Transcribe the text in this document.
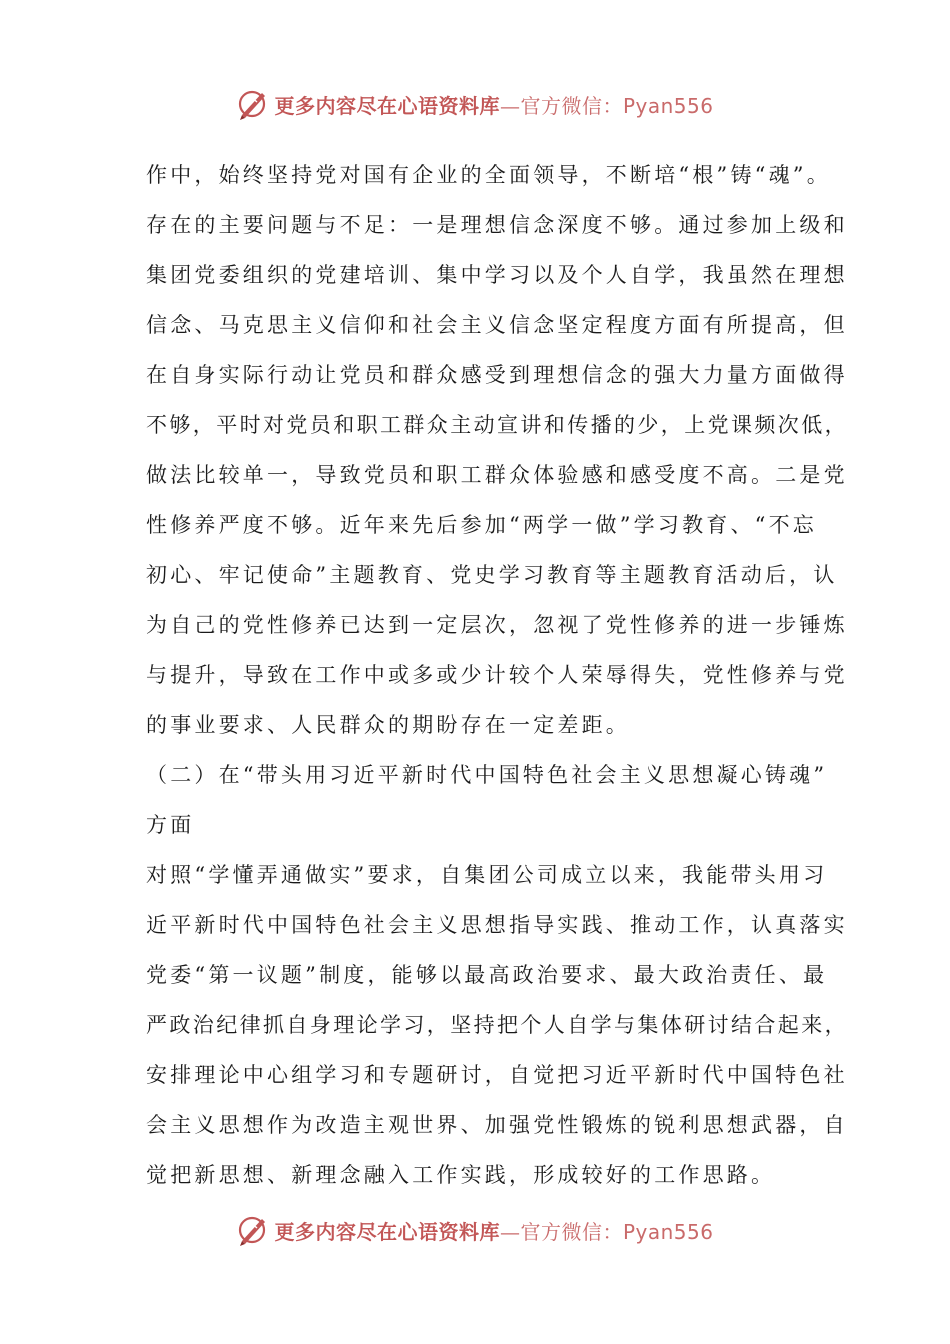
更多内容尽在心语资料库—官方微信：Pyan556
作中，始终坚持党对国有企业的全面领导，不断培“根”铸“魂”。
存在的主要问题与不足：一是理想信念深度不够。通过参加上级和
集团党委组织的党建培训、集中学习以及个人自学，我虽然在理想
信念、马克思主义信仰和社会主义信念坚定程度方面有所提高，但
在自身实际行动让党员和群众感受到理想信念的强大力量方面做得
不够，平时对党员和职工群众主动宣讲和传播的少，上党课频次低，
做法比较单一，导致党员和职工群众体验感和感受度不高。二是党
性修养严度不够。近年来先后参加“两学一做”学习教育、“不忘
初心、牢记使命”主题教育、党史学习教育等主题教育活动后，认
为自己的党性修养已达到一定层次，忽视了党性修养的进一步锤炼
与提升，导致在工作中或多或少计较个人荣辱得失，党性修养与党
的事业要求、人民群众的期盼存在一定差距。
（二）在“带头用习近平新时代中国特色社会主义思想凝心铸魂”
方面
对照“学懂弄通做实”要求，自集团公司成立以来，我能带头用习
近平新时代中国特色社会主义思想指导实践、推动工作，认真落实
党委“第一议题”制度，能够以最高政治要求、最大政治责任、最
严政治纪律抓自身理论学习，坚持把个人自学与集体研讨结合起来，
安排理论中心组学习和专题研讨，自觉把习近平新时代中国特色社
会主义思想作为改造主观世界、加强党性锻炼的锐利思想武器，自
觉把新思想、新理念融入工作实践，形成较好的工作思路。
更多内容尽在心语资料库—官方微信：Pyan556
